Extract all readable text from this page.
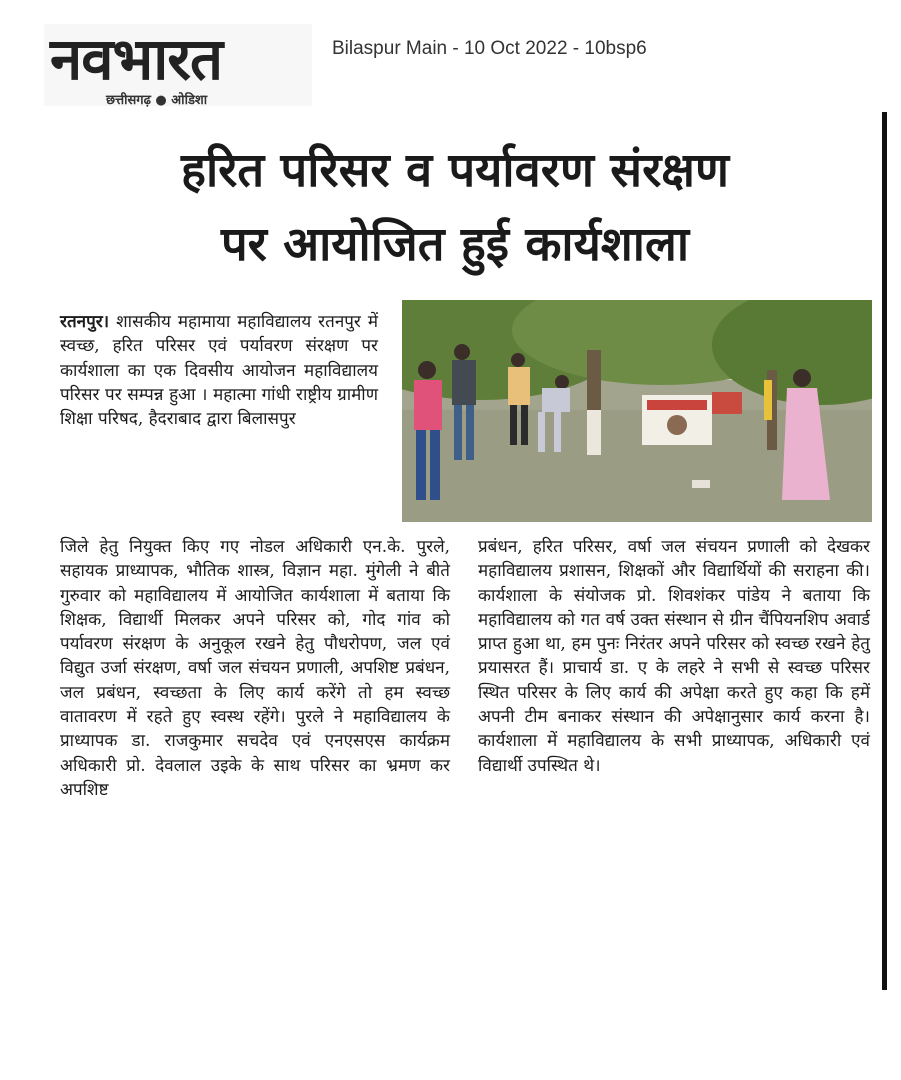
नवभारत
छत्तीसगढ़ ● ओडिशा
Bilaspur Main - 10 Oct 2022 - 10bsp6
हरित परिसर व पर्यावरण संरक्षण
पर आयोजित हुई कार्यशाला
रतनपुर। शासकीय महामाया महाविद्यालय रतनपुर में स्वच्छ, हरित परिसर एवं पर्यावरण संरक्षण पर कार्यशाला का एक दिवसीय आयोजन महाविद्यालय परिसर पर सम्पन्न हुआ । महात्मा गांधी राष्ट्रीय ग्रामीण शिक्षा परिषद, हैदराबाद द्वारा बिलासपुर
जिले हेतु नियुक्त किए गए नोडल अधिकारी एन.के. पुरले, सहायक प्राध्यापक, भौतिक शास्त्र, विज्ञान महा. मुंगेली ने बीते गुरुवार को महाविद्यालय में आयोजित कार्यशाला में बताया कि शिक्षक, विद्यार्थी मिलकर अपने परिसर को, गोद गांव को पर्यावरण संरक्षण के अनुकूल रखने हेतु पौधरोपण, जल एवं विद्युत उर्जा संरक्षण, वर्षा जल संचयन प्रणाली, अपशिष्ट प्रबंधन, जल प्रबंधन, स्वच्छता के लिए कार्य करेंगे तो हम स्वच्छ वातावरण में रहते हुए स्वस्थ रहेंगे। पुरले ने महाविद्यालय के प्राध्यापक डा. राजकुमार सचदेव एवं एनएसएस कार्यक्रम अधिकारी प्रो. देवलाल उइके के साथ परिसर का भ्रमण कर अपशिष्ट
प्रबंधन, हरित परिसर, वर्षा जल संचयन प्रणाली को देखकर महाविद्यालय प्रशासन, शिक्षकों और विद्यार्थियों की सराहना की। कार्यशाला के संयोजक प्रो. शिवशंकर पांडेय ने बताया कि महाविद्यालय को गत वर्ष उक्त संस्थान से ग्रीन चैंपियनशिप अवार्ड प्राप्त हुआ था, हम पुनः निरंतर अपने परिसर को स्वच्छ रखने हेतु प्रयासरत हैं। प्राचार्य डा. ए के लहरे ने सभी से स्वच्छ परिसर स्थित परिसर के लिए कार्य की अपेक्षा करते हुए कहा कि हमें अपनी टीम बनाकर संस्थान की अपेक्षानुसार कार्य करना है। कार्यशाला में महाविद्यालय के सभी प्राध्यापक, अधिकारी एवं विद्यार्थी उपस्थित थे।
